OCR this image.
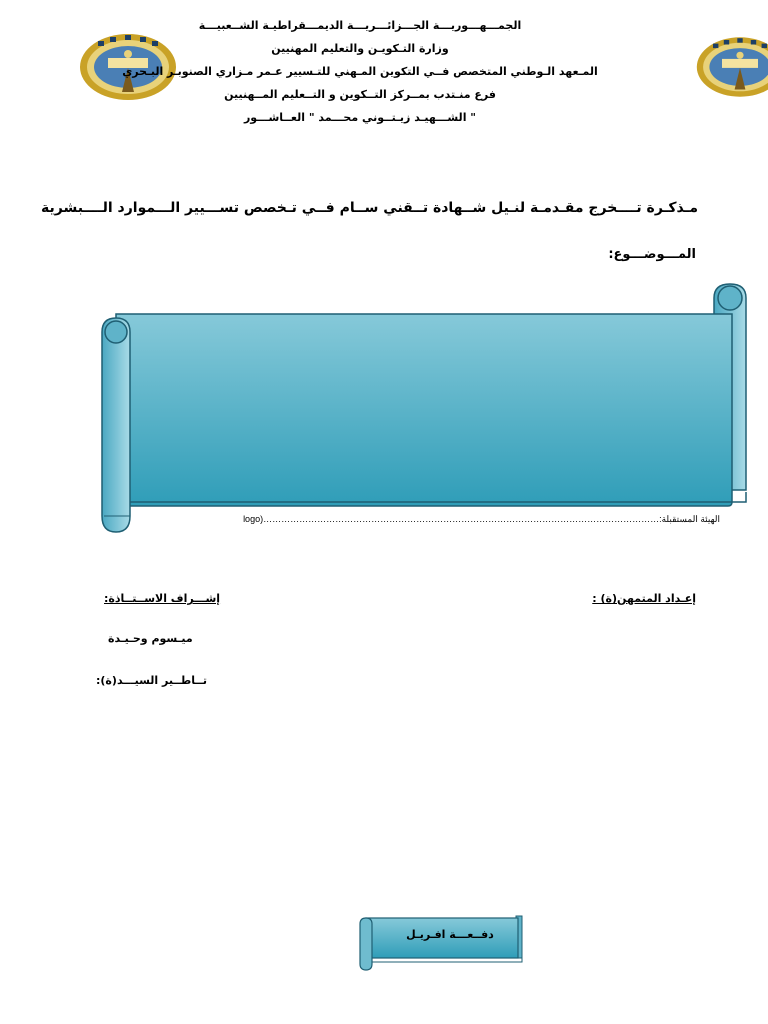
الجمـــهـــوريـــة الجـــزائـــريـــة الديمـــقراطيـة الشــعبيـــة
وزارة التـكويـن والتعليم المهنيين
المـعهد الـوطني المتخصص فــي التكوين المـهني للتـسيير عـمر مـزاري الصنوبـر البـحري
فرع منـتدب بمــركز التــكوين و التــعليم المــهنيين
" الشـــهيـد زيـتــوني محـــمد " العــاشـــور
مـذكـرة تــــخرج مقـدمـة لنـيل شــهادة تــقني ســام فــي تـخصص تســـيير الـــموارد الــــبشرية
المـــوضـــوع:
الهيئة المستقبلة:……………………………………………………………………………………………………………………(logo
إعـداد المتمهن(ة) :
إشـــراف الاســتــاذة:
ميـسوم وحـيـدة
تــاطــير السيـــد(ة):
دفــعـــة افـريـل
